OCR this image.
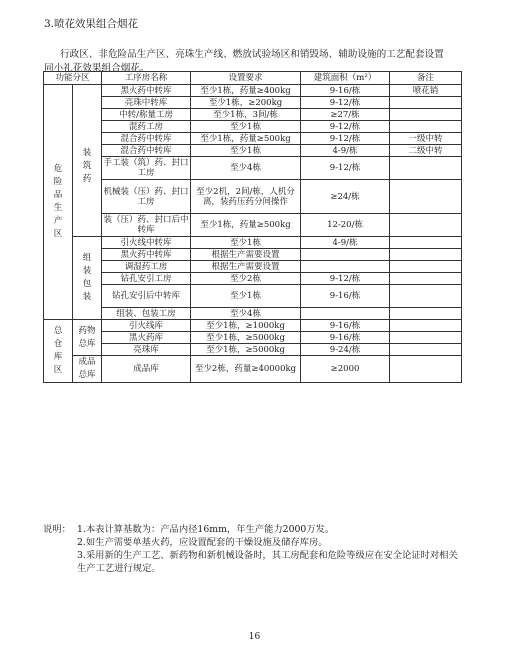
3.喷花效果组合烟花
行政区、非危险品生产区、亮珠生产线、燃放试验场区和销毁场、辅助设施的工艺配套设置
同小礼花效果组合烟花。
功能分区		工序房名称	设置要求	建筑面积（m²）	备注
危险品生产区		黑火药中转库	至少1栋，药量≥400kg	9-16/栋	喷花销
	装筑药	亮珠中转库	至少1栋，≥200kg	9-12/栋	
		中转/称量工房	至少1栋，3间/栋	≥27/栋	
		混药工房	至少1栋	9-12/栋	
		混合药中转库	至少1栋，药量≥500kg	9-12/栋	一级中转
		混合药中转库	至少1栋	4-9/栋	二级中转
		手工装（筑）药、封口工房	至少4栋	9-12/栋	
		机械装（压）药、封口工房	至少2机，2间/栋，人机分离，装药压药分间操作	≥24/栋	
		装（压）药、封口后中转库	至少1栋，药量≥500kg	12-20/栋	
	组装包装	引火线中转库	至少1栋	4-9/栋	
		黑火药中转库	根据生产需要设置		
		调湿药工房	根据生产需要设置		
		钻孔安引工房	至少2栋	9-12/栋	
		钻孔安引后中转库	至少1栋	9-16/栋	
		组装、包装工房	至少4栋		
总仓库区	药物总库	引火线库	至少1栋，≥1000kg	9-16/栋	
		黑火药库	至少1栋，≥5000kg	9-16/栋	
		亮珠库	至少1栋，≥5000kg	9-24/栋	
	成品总库	成品库	至少2栋，药量≥40000kg	≥2000	
说明： 1.本表计算基数为：产品内径16mm，年生产能力2000万发。
2.如生产需要单基火药，应设置配套的干燥设施及储存库房。
3.采用新的生产工艺、新药物和新机械设备时，其工房配套和危险等级应在安全论证时对相关生产工艺进行规定。
16
